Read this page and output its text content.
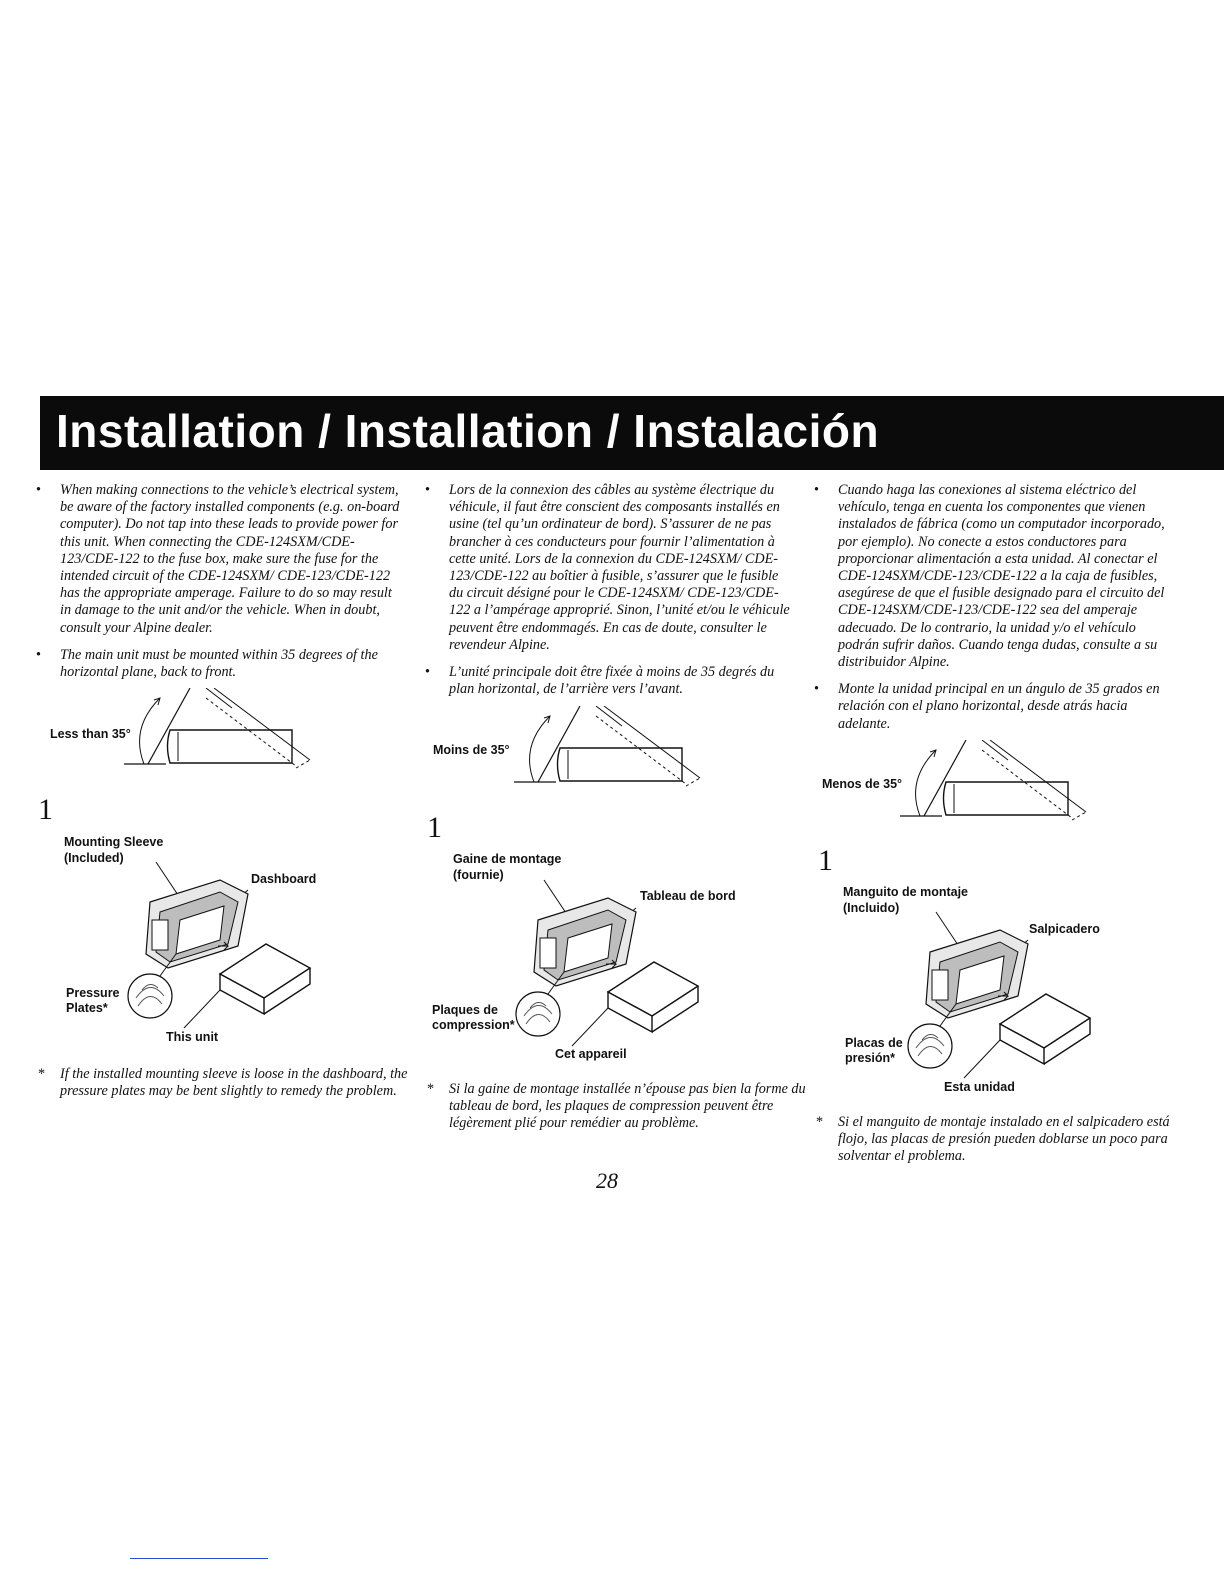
Installation / Installation / Instalación
• When making connections to the vehicle’s electrical system, be aware of the factory installed components (e.g. on-board computer). Do not tap into these leads to provide power for this unit. When connecting the CDE-124SXM/CDE-123/CDE-122 to the fuse box, make sure the fuse for the intended circuit of the CDE-124SXM/ CDE-123/CDE-122 has the appropriate amperage. Failure to do so may result in damage to the unit and/or the vehicle. When in doubt, consult your Alpine dealer.
• The main unit must be mounted within 35 degrees of the horizontal plane, back to front.
Less than 35°
1
Mounting Sleeve
(Included)
Dashboard
Pressure
Plates*
This unit
* If the installed mounting sleeve is loose in the dashboard, the pressure plates may be bent slightly to remedy the problem.
• Lors de la connexion des câbles au système électrique du véhicule, il faut être conscient des composants installés en usine (tel qu’un ordinateur de bord). S’assurer de ne pas brancher à ces conducteurs pour fournir l’alimentation à cette unité. Lors de la connexion du CDE-124SXM/ CDE-123/CDE-122 au boîtier à fusible, s’assurer que le fusible du circuit désigné pour le CDE-124SXM/ CDE-123/CDE-122 a l’ampérage approprié. Sinon, l’unité et/ou le véhicule peuvent être endommagés. En cas de doute, consulter le revendeur Alpine.
• L’unité principale doit être fixée à moins de 35 degrés du plan horizontal, de l’arrière vers l’avant.
Moins de 35°
1
Gaine de montage
(fournie)
Tableau de bord
Plaques de
compression*
Cet appareil
* Si la gaine de montage installée n’épouse pas bien la forme du tableau de bord, les plaques de compression peuvent être légèrement plié pour remédier au problème.
• Cuando haga las conexiones al sistema eléctrico del vehículo, tenga en cuenta los componentes que vienen instalados de fábrica (como un computador incorporado, por ejemplo). No conecte a estos conductores para proporcionar alimentación a esta unidad. Al conectar el CDE-124SXM/CDE-123/CDE-122 a la caja de fusibles, asegúrese de que el fusible designado para el circuito del CDE-124SXM/CDE-123/CDE-122 sea del amperaje adecuado. De lo contrario, la unidad y/o el vehículo podrán sufrir daños. Cuando tenga dudas, consulte a su distribuidor Alpine.
• Monte la unidad principal en un ángulo de 35 grados en relación con el plano horizontal, desde atrás hacia adelante.
Menos de 35°
1
Manguito de montaje
(Incluido)
Salpicadero
Placas de
presión*
Esta unidad
* Si el manguito de montaje instalado en el salpicadero está flojo, las placas de presión pueden doblarse un poco para solventar el problema.
28
